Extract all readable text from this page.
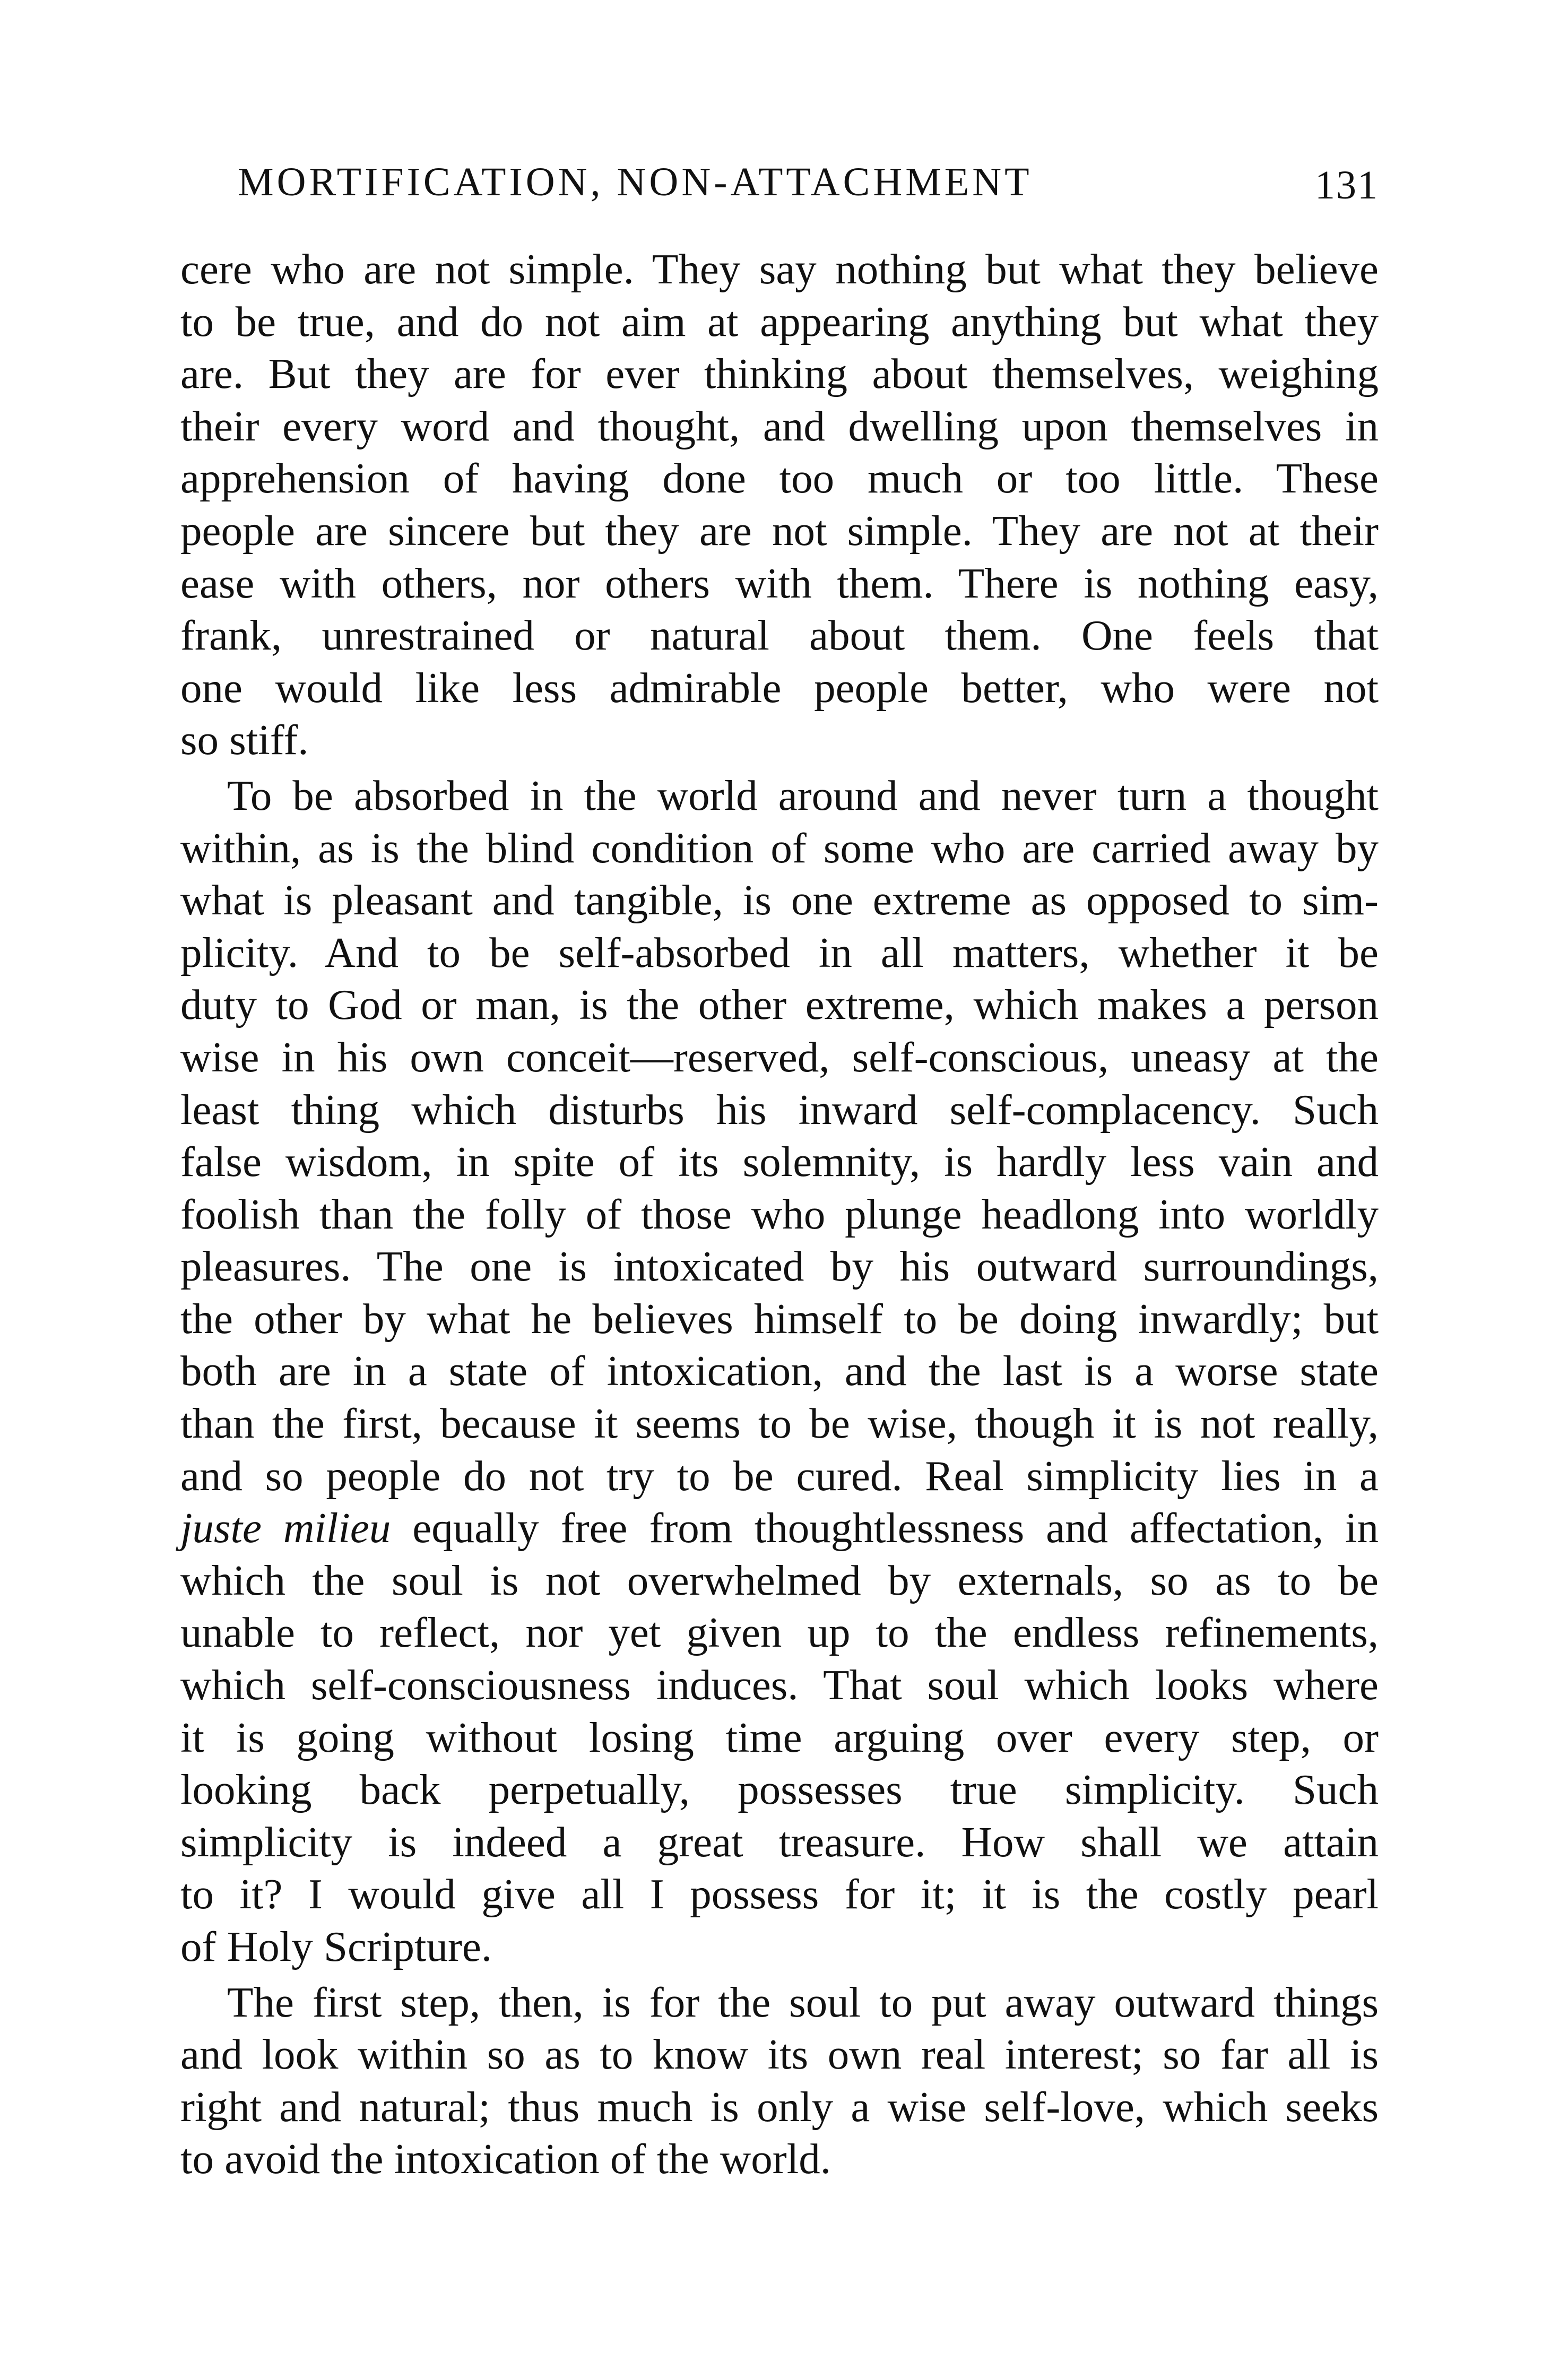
MORTIFICATION, NON-ATTACHMENT	131
cere who are not simple. They say nothing but what they believe
to be true, and do not aim at appearing anything but what they
are. But they are for ever thinking about themselves, weighing
their every word and thought, and dwelling upon themselves in
apprehension of having done too much or too little. These
people are sincere but they are not simple. They are not at their
ease with others, nor others with them. There is nothing easy,
frank, unrestrained or natural about them. One feels that
one would like less admirable people better, who were not
so stiff.
To be absorbed in the world around and never turn a thought
within, as is the blind condition of some who are carried away by
what is pleasant and tangible, is one extreme as opposed to sim-
plicity. And to be self-absorbed in all matters, whether it be
duty to God or man, is the other extreme, which makes a person
wise in his own conceit—reserved, self-conscious, uneasy at the
least thing which disturbs his inward self-complacency. Such
false wisdom, in spite of its solemnity, is hardly less vain and
foolish than the folly of those who plunge headlong into worldly
pleasures. The one is intoxicated by his outward surroundings,
the other by what he believes himself to be doing inwardly; but
both are in a state of intoxication, and the last is a worse state
than the first, because it seems to be wise, though it is not really,
and so people do not try to be cured. Real simplicity lies in a
juste milieu equally free from thoughtlessness and affectation, in
which the soul is not overwhelmed by externals, so as to be
unable to reflect, nor yet given up to the endless refinements,
which self-consciousness induces. That soul which looks where
it is going without losing time arguing over every step, or
looking back perpetually, possesses true simplicity. Such
simplicity is indeed a great treasure. How shall we attain
to it? I would give all I possess for it; it is the costly pearl
of Holy Scripture.
The first step, then, is for the soul to put away outward things
and look within so as to know its own real interest; so far all is
right and natural; thus much is only a wise self-love, which seeks
to avoid the intoxication of the world.
